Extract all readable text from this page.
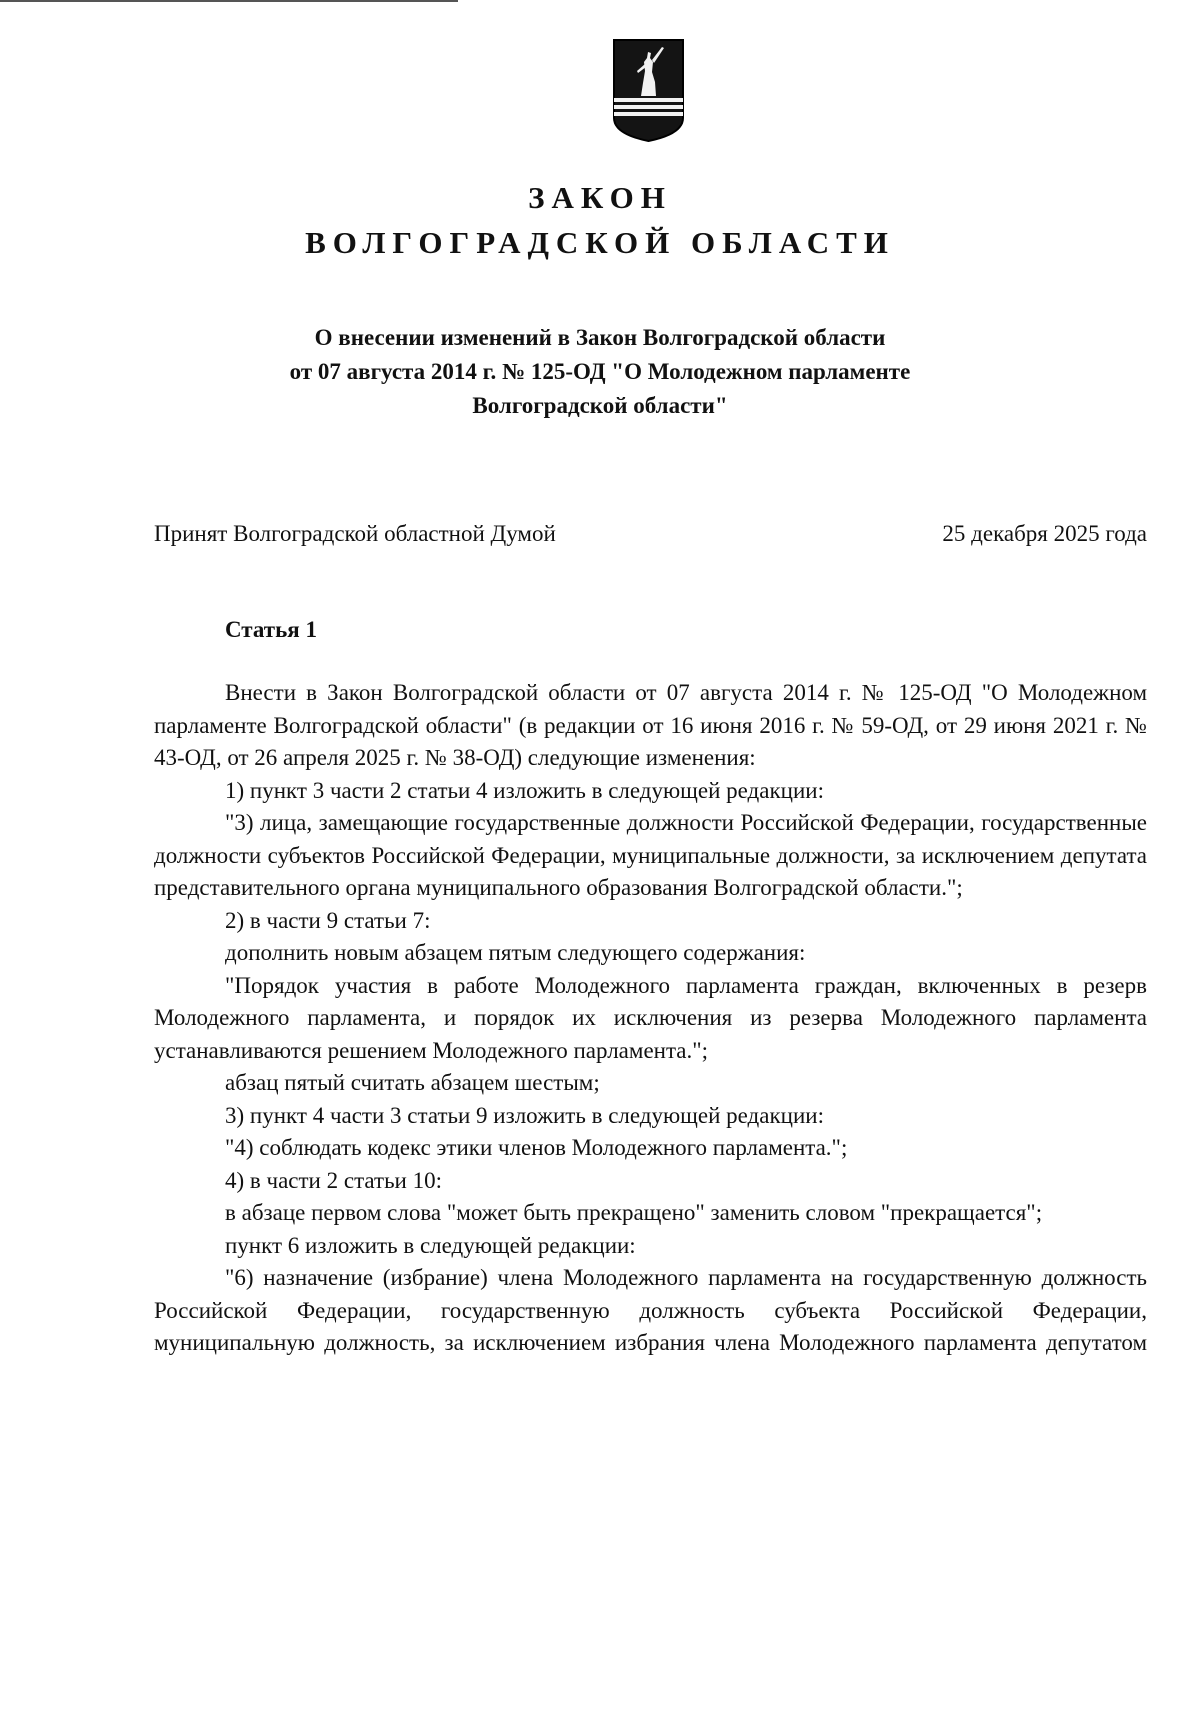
ЗАКОН
ВОЛГОГРАДСКОЙ ОБЛАСТИ
О внесении изменений в Закон Волгоградской области
от 07 августа 2014 г. № 125-ОД "О Молодежном парламенте
Волгоградской области"
Принят Волгоградской областной Думой	25 декабря 2025 года
Статья 1

Внести в Закон Волгоградской области от 07 августа 2014 г. № 125-ОД "О Молодежном парламенте Волгоградской области" (в редакции от 16 июня 2016 г. № 59-ОД, от 29 июня 2021 г. № 43-ОД, от 26 апреля 2025 г. № 38-ОД) следующие изменения:

1) пункт 3 части 2 статьи 4 изложить в следующей редакции:

"3) лица, замещающие государственные должности Российской Федерации, государственные должности субъектов Российской Федерации, муниципальные должности, за исключением депутата представительного органа муниципального образования Волгоградской области.";

2) в части 9 статьи 7:

дополнить новым абзацем пятым следующего содержания:

"Порядок участия в работе Молодежного парламента граждан, включенных в резерв Молодежного парламента, и порядок их исключения из резерва Молодежного парламента устанавливаются решением Молодежного парламента.";

абзац пятый считать абзацем шестым;

3) пункт 4 части 3 статьи 9 изложить в следующей редакции:

"4) соблюдать кодекс этики членов Молодежного парламента.";

4) в части 2 статьи 10:

в абзаце первом слова "может быть прекращено" заменить словом "прекращается";

пункт 6 изложить в следующей редакции:

"6) назначение (избрание) члена Молодежного парламента на государственную должность Российской Федерации, государственную должность субъекта Российской Федерации, муниципальную должность, за исключением избрания члена Молодежного парламента депутатом
